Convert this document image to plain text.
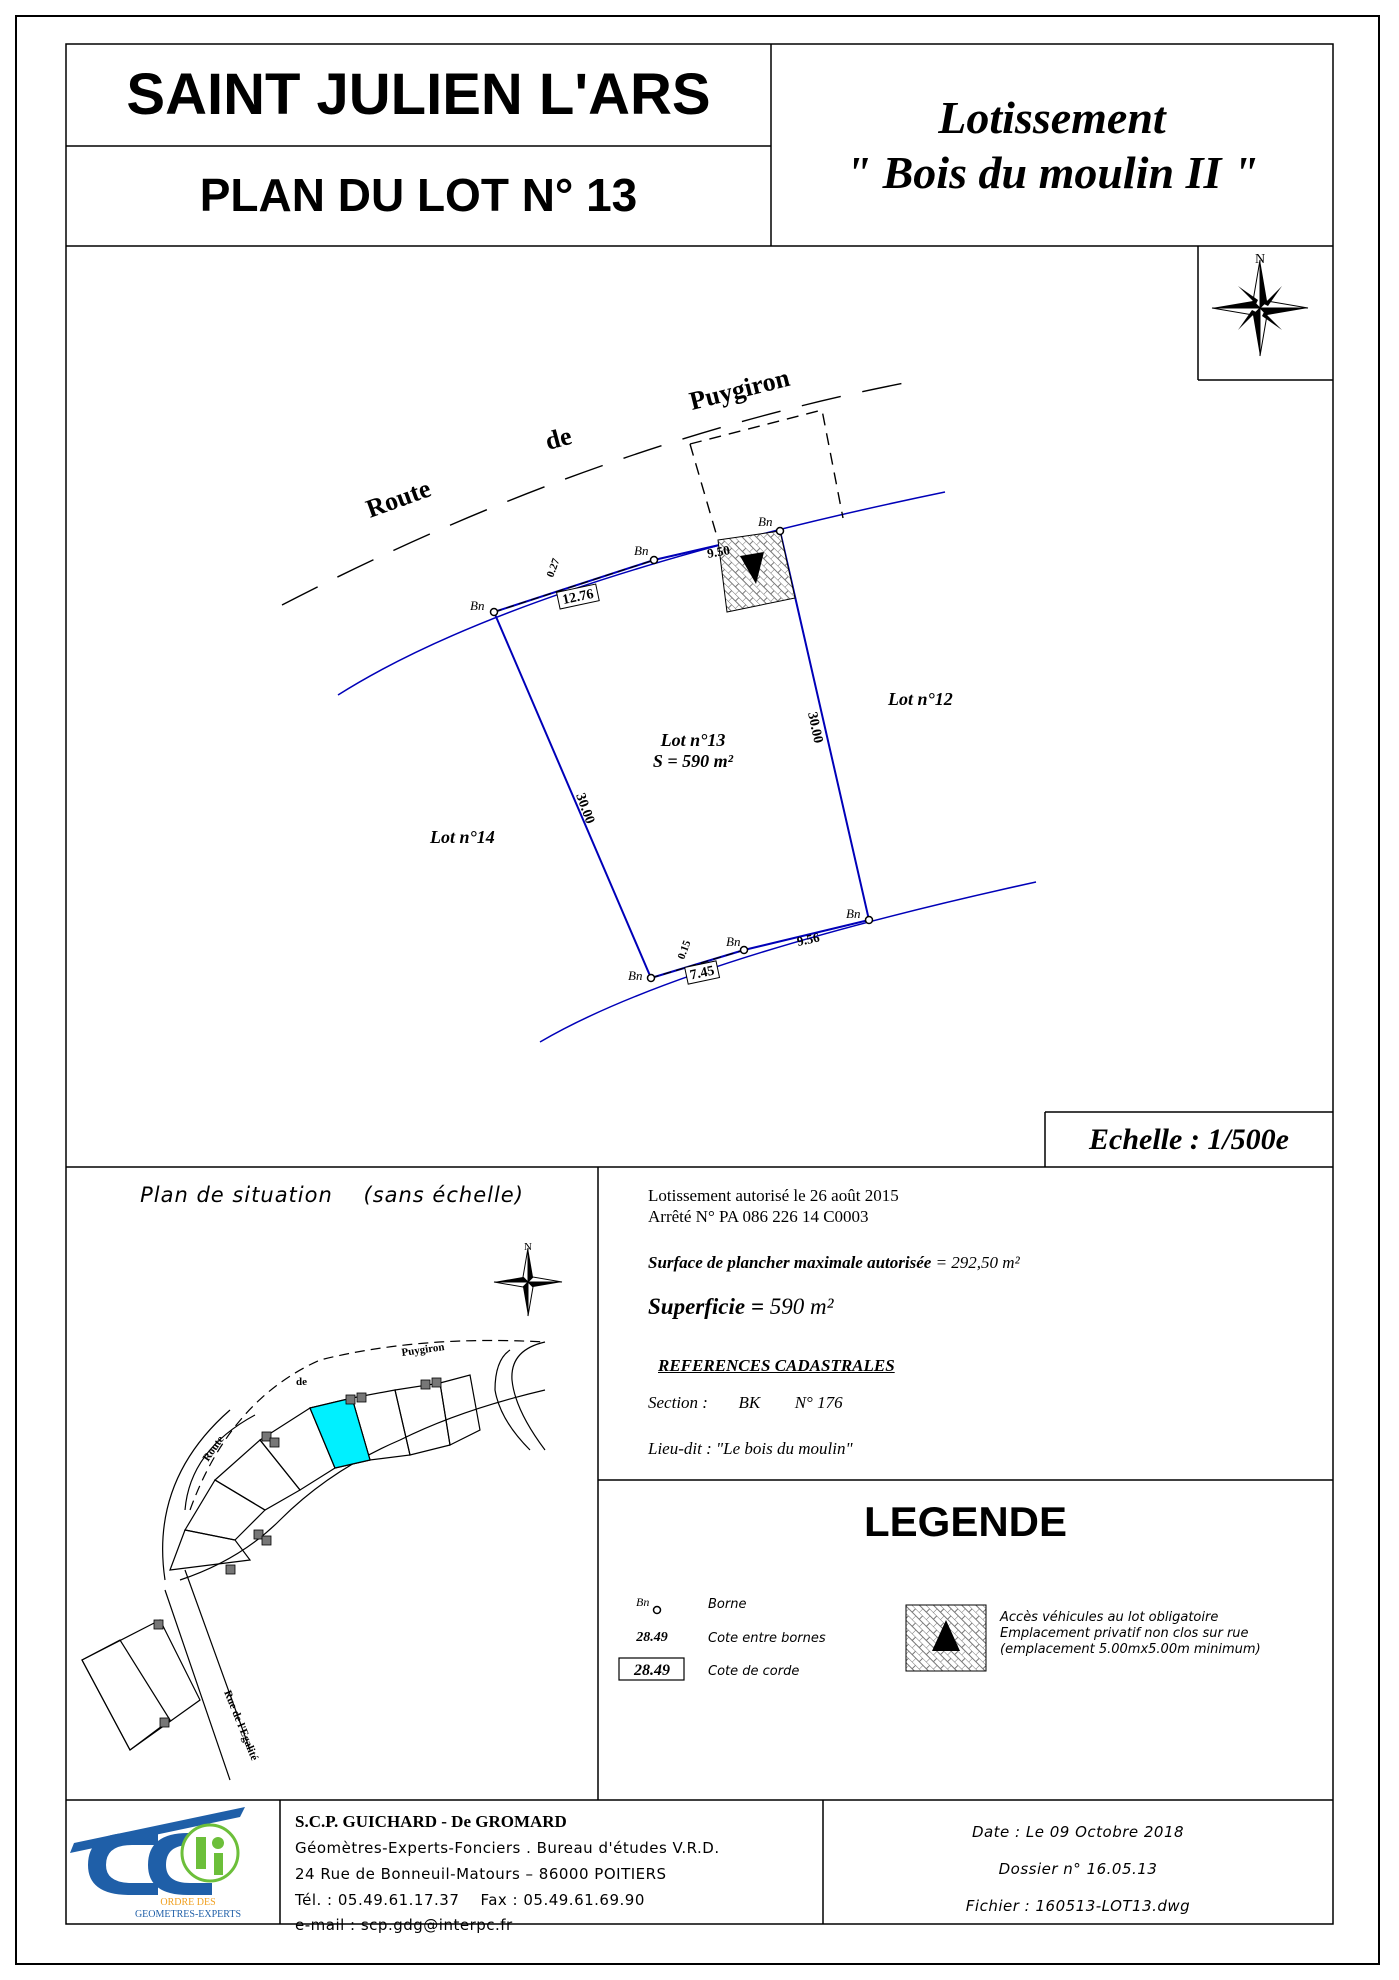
SAINT JULIEN L'ARS
PLAN DU LOT N° 13
Lotissement
" Bois du moulin II "
N
Route
de
Puygiron
Bn
Bn
Bn
Bn
Bn
Bn
30.00
30.00
0.27
12.76
9.50
0.15
7.45
9.56
Lot n°13
S = 590 m²
Lot n°12
Lot n°14
Echelle : 1/500e
Plan de situation (sans échelle)
N
Route
de
Puygiron
Rue de l'Egalité
Lotissement autorisé le 26 août 2015
Arrêté N° PA 086 226 14 C0003
Surface de plancher maximale autorisée = 292,50 m²
Superficie = 590 m²
REFERENCES CADASTRALES
Section : BK N° 176
Lieu-dit : "Le bois du moulin"
LEGENDE
Bn
28.49
28.49
Borne
Cote entre bornes
Cote de corde
Accès véhicules au lot obligatoire
Emplacement privatif non clos sur rue
(emplacement 5.00mx5.00m minimum)
ORDRE DES
GEOMETRES-EXPERTS
S.C.P. GUICHARD - De GROMARD
Géomètres-Experts-Fonciers . Bureau d'études V.R.D.
24 Rue de Bonneuil-Matours – 86000 POITIERS
Tél. : 05.49.61.17.37    Fax : 05.49.61.69.90
e-mail : scp.gdg@interpc.fr
Date : Le 09 Octobre 2018
Dossier n° 16.05.13
Fichier : 160513-LOT13.dwg
